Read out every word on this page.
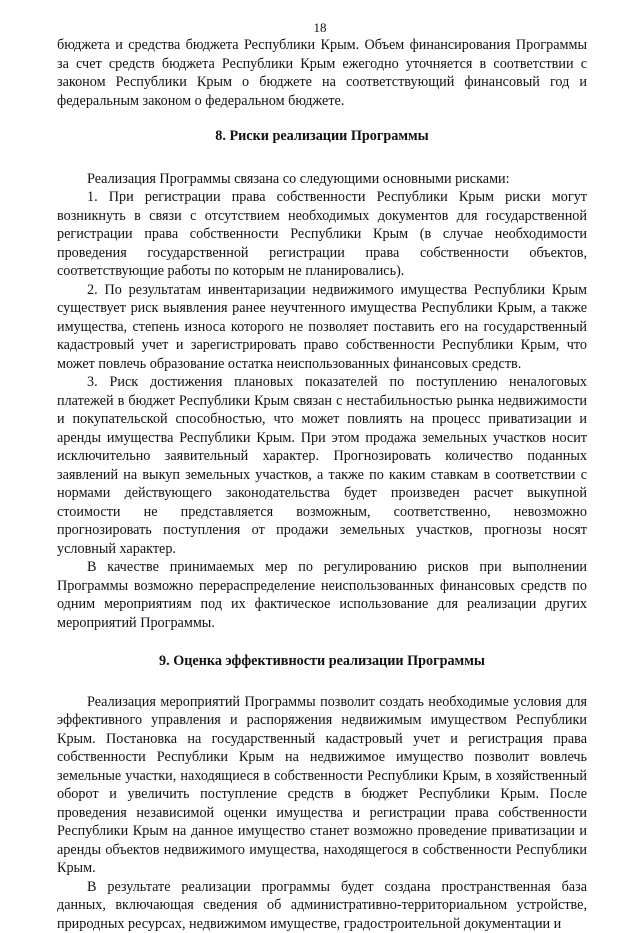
18

бюджета и средства бюджета Республики Крым. Объем финансирования Программы за счет средств бюджета Республики Крым ежегодно уточняется в соответствии с законом Республики Крым о бюджете на соответствующий финансовый год и федеральным законом о федеральном бюджете.

8. Риски реализации Программы

Реализация Программы связана со следующими основными рисками:

1. При регистрации права собственности Республики Крым риски могут возникнуть в связи с отсутствием необходимых документов для государственной регистрации права собственности Республики Крым (в случае необходимости проведения государственной регистрации права собственности объектов, соответствующие работы по которым не планировались).

2. По результатам инвентаризации недвижимого имущества Республики Крым существует риск выявления ранее неучтенного имущества Республики Крым, а также имущества, степень износа которого не позволяет поставить его на государственный кадастровый учет и зарегистрировать право собственности Республики Крым, что может повлечь образование остатка неиспользованных финансовых средств.

3. Риск достижения плановых показателей по поступлению неналоговых платежей в бюджет Республики Крым связан с нестабильностью рынка недвижимости и покупательской способностью, что может повлиять на процесс приватизации и аренды имущества Республики Крым. При этом продажа земельных участков носит исключительно заявительный характер. Прогнозировать количество поданных заявлений на выкуп земельных участков, а также по каким ставкам в соответствии с нормами действующего законодательства будет произведен расчет выкупной стоимости не представляется возможным, соответственно, невозможно прогнозировать поступления от продажи земельных участков, прогнозы носят условный характер.

В качестве принимаемых мер по регулированию рисков при выполнении Программы возможно перераспределение неиспользованных финансовых средств по одним мероприятиям под их фактическое использование для реализации других мероприятий Программы.

9. Оценка эффективности реализации Программы

Реализация мероприятий Программы позволит создать необходимые условия для эффективного управления и распоряжения недвижимым имуществом Республики Крым. Постановка на государственный кадастровый учет и регистрация права собственности Республики Крым на недвижимое имущество позволит вовлечь земельные участки, находящиеся в собственности Республики Крым, в хозяйственный оборот и увеличить поступление средств в бюджет Республики Крым. После проведения независимой оценки имущества и регистрации права собственности Республики Крым на данное имущество станет возможно проведение приватизации и аренды объектов недвижимого имущества, находящегося в собственности Республики Крым.

В результате реализации программы будет создана пространственная база данных, включающая сведения об административно-территориальном устройстве, природных ресурсах, недвижимом имуществе, градостроительной документации и
